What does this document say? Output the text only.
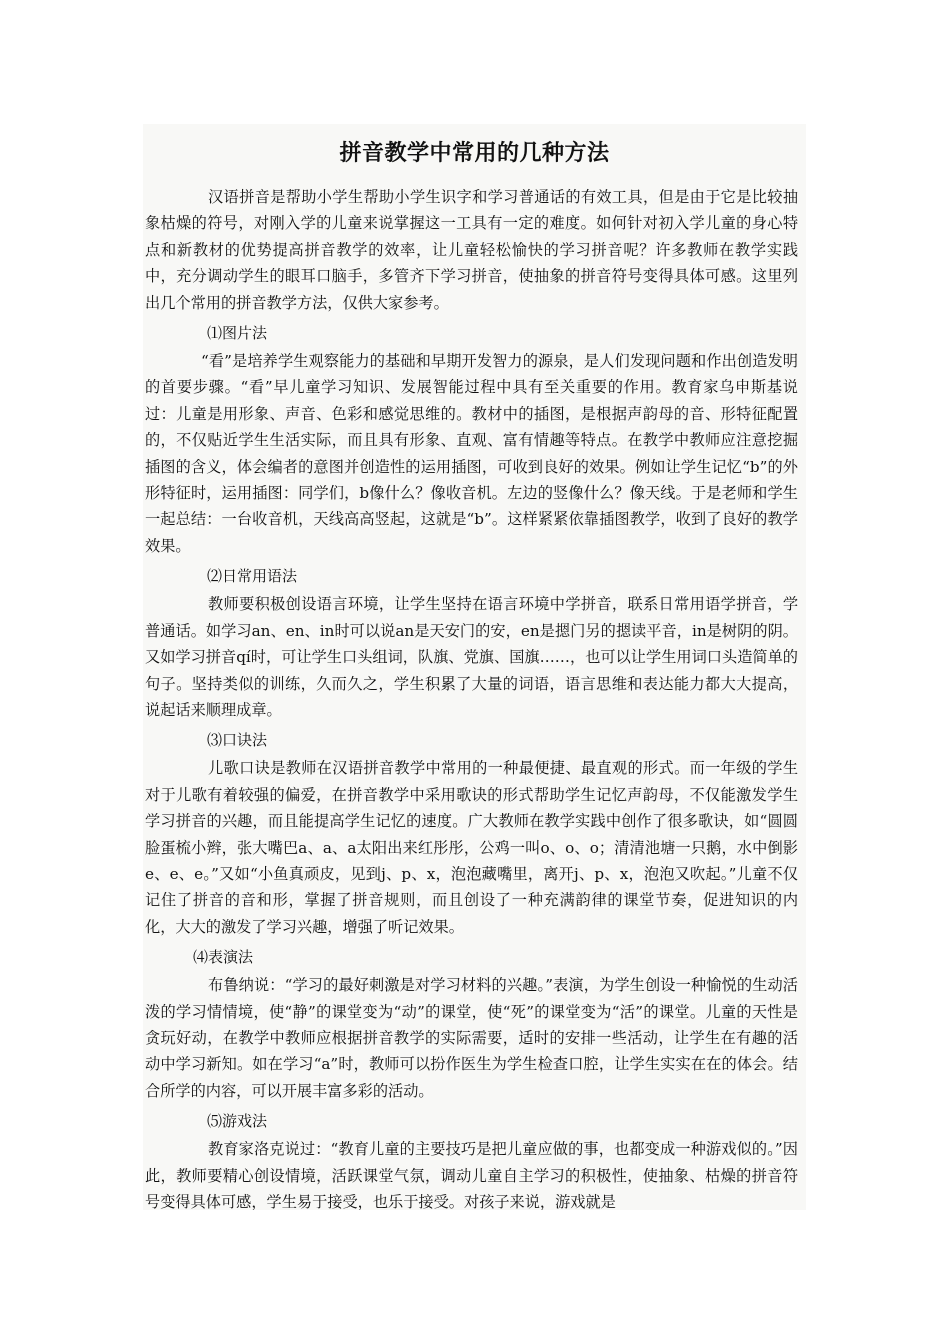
拼音教学中常用的几种方法

汉语拼音是帮助小学生帮助小学生识字和学习普通话的有效工具，但是由于它是比较抽象枯燥的符号，对刚入学的儿童来说掌握这一工具有一定的难度。如何针对初入学儿童的身心特点和新教材的优势提高拼音教学的效率，让儿童轻松愉快的学习拼音呢？许多教师在教学实践中，充分调动学生的眼耳口脑手，多管齐下学习拼音，使抽象的拼音符号变得具体可感。这里列出几个常用的拼音教学方法，仅供大家参考。

⑴图片法

“看”是培养学生观察能力的基础和早期开发智力的源泉，是人们发现问题和作出创造发明的首要步骤。“看”早儿童学习知识、发展智能过程中具有至关重要的作用。教育家乌申斯基说过：儿童是用形象、声音、色彩和感觉思维的。教材中的插图，是根据声韵母的音、形特征配置的，不仅贴近学生生活实际，而且具有形象、直观、富有情趣等特点。在教学中教师应注意挖掘插图的含义，体会编者的意图并创造性的运用插图，可收到良好的效果。例如让学生记忆“b”的外形特征时，运用插图：同学们，b像什么？像收音机。左边的竖像什么？像天线。于是老师和学生一起总结：一台收音机，天线高高竖起，这就是“b”。这样紧紧依靠插图教学，收到了良好的教学效果。

⑵日常用语法

教师要积极创设语言环境，让学生坚持在语言环境中学拼音，联系日常用语学拼音，学普通话。如学习an、en、in时可以说an是天安门的安，en是摁门另的摁读平音，in是树阴的阴。又如学习拼音qí时，可让学生口头组词，队旗、党旗、国旗……，也可以让学生用词口头造简单的句子。坚持类似的训练，久而久之，学生积累了大量的词语，语言思维和表达能力都大大提高，说起话来顺理成章。

⑶口诀法

儿歌口诀是教师在汉语拼音教学中常用的一种最便捷、最直观的形式。而一年级的学生对于儿歌有着较强的偏爱，在拼音教学中采用歌诀的形式帮助学生记忆声韵母，不仅能激发学生学习拼音的兴趣，而且能提高学生记忆的速度。广大教师在教学实践中创作了很多歌诀，如“圆圆脸蛋梳小辫，张大嘴巴a、a、a太阳出来红彤彤，公鸡一叫o、o、o；清清池塘一只鹅，水中倒影e、e、e。”又如“小鱼真顽皮，见到j、p、x，泡泡藏嘴里，离开j、p、x，泡泡又吹起。”儿童不仅记住了拼音的音和形，掌握了拼音规则，而且创设了一种充满韵律的课堂节奏，促进知识的内化，大大的激发了学习兴趣，增强了听记效果。

⑷表演法

布鲁纳说：“学习的最好刺激是对学习材料的兴趣。”表演，为学生创设一种愉悦的生动活泼的学习情情境，使“静”的课堂变为“动”的课堂，使“死”的课堂变为“活”的课堂。儿童的天性是贪玩好动，在教学中教师应根据拼音教学的实际需要，适时的安排一些活动，让学生在有趣的活动中学习新知。如在学习“a”时，教师可以扮作医生为学生检查口腔，让学生实实在在的体会。结合所学的内容，可以开展丰富多彩的活动。

⑸游戏法

教育家洛克说过：“教育儿童的主要技巧是把儿童应做的事，也都变成一种游戏似的。”因此，教师要精心创设情境，活跃课堂气氛，调动儿童自主学习的积极性，使抽象、枯燥的拼音符号变得具体可感，学生易于接受，也乐于接受。对孩子来说，游戏就是
